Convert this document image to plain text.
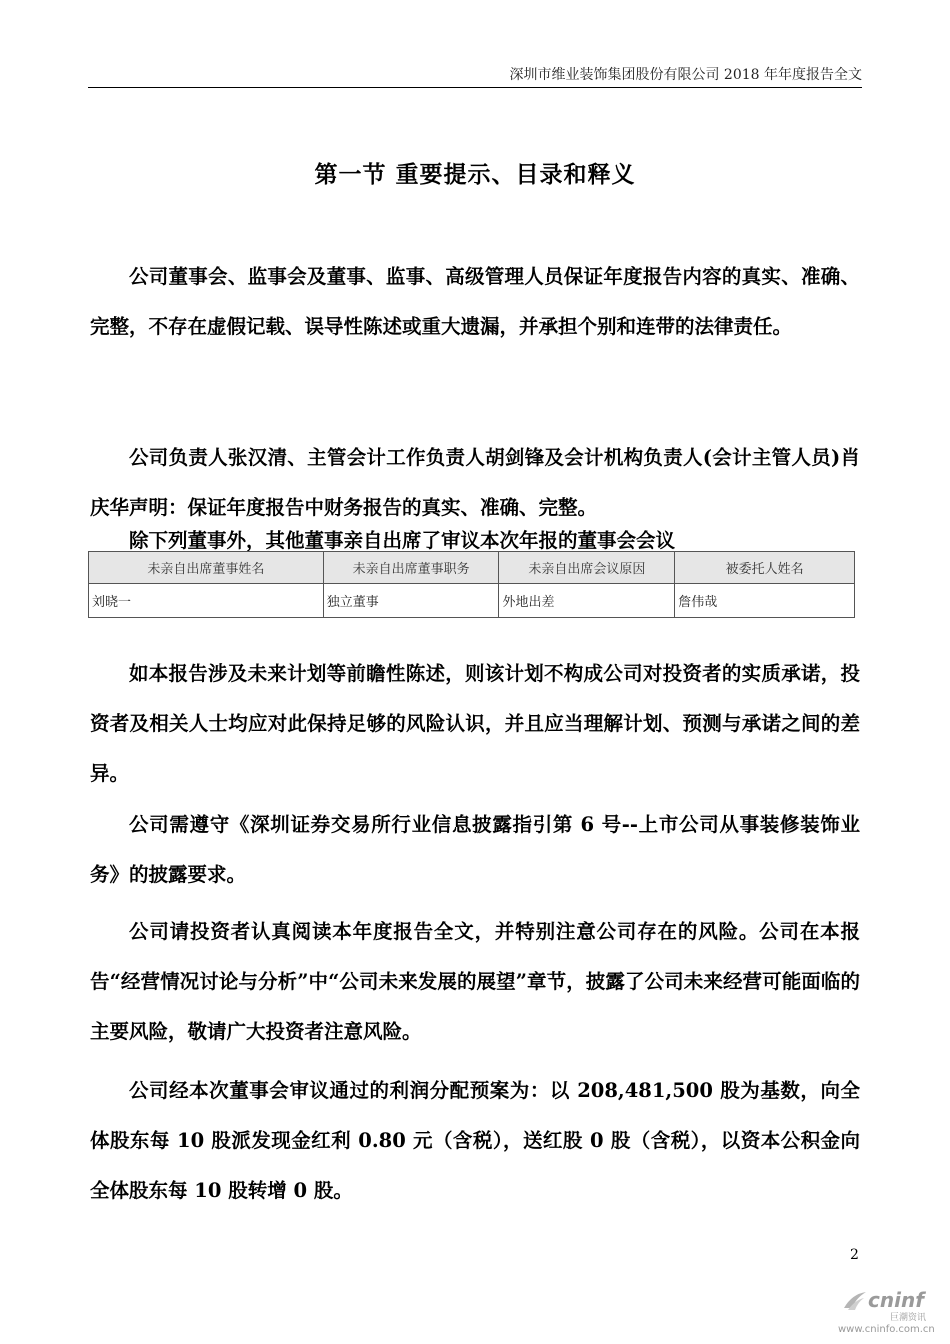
深圳市维业装饰集团股份有限公司 2018 年年度报告全文
第一节 重要提示、目录和释义

公司董事会、监事会及董事、监事、高级管理人员保证年度报告内容的真实、准确、完整，不存在虚假记载、误导性陈述或重大遗漏，并承担个别和连带的法律责任。

公司负责人张汉清、主管会计工作负责人胡剑锋及会计机构负责人(会计主管人员)肖庆华声明：保证年度报告中财务报告的真实、准确、完整。

除下列董事外，其他董事亲自出席了审议本次年报的董事会会议

未亲自出席董事姓名	未亲自出席董事职务	未亲自出席会议原因	被委托人姓名
刘晓一	独立董事	外地出差	詹伟哉

如本报告涉及未来计划等前瞻性陈述，则该计划不构成公司对投资者的实质承诺，投资者及相关人士均应对此保持足够的风险认识，并且应当理解计划、预测与承诺之间的差异。

公司需遵守《深圳证券交易所行业信息披露指引第 6 号--上市公司从事装修装饰业务》的披露要求。

公司请投资者认真阅读本年度报告全文，并特别注意公司存在的风险。公司在本报告“经营情况讨论与分析”中“公司未来发展的展望”章节，披露了公司未来经营可能面临的主要风险，敬请广大投资者注意风险。

公司经本次董事会审议通过的利润分配预案为：以 208,481,500 股为基数，向全体股东每 10 股派发现金红利 0.80 元（含税），送红股 0 股（含税），以资本公积金向全体股东每 10 股转增 0 股。

2
cninf
巨潮资讯
www.cninfo.com.cn
